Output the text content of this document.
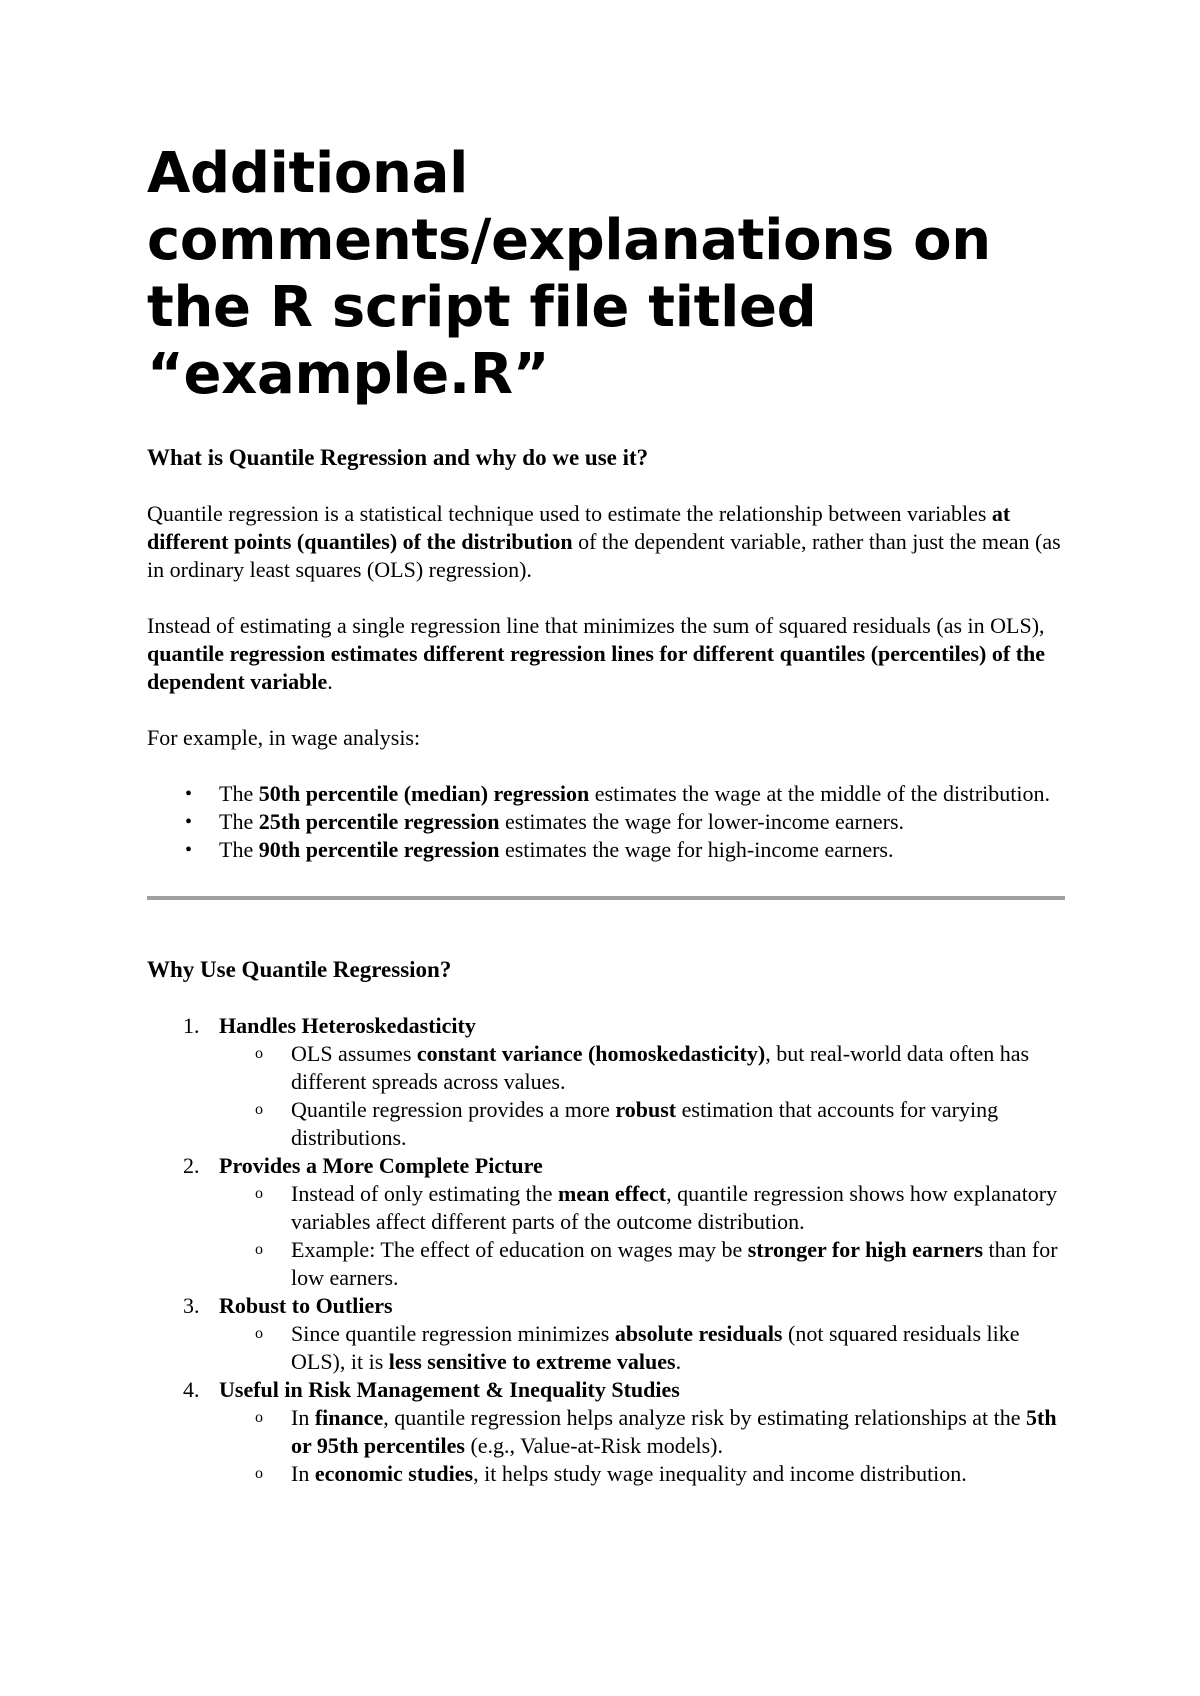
Additional comments/explanations on the R script file titled “example.R”
What is Quantile Regression and why do we use it?

Quantile regression is a statistical technique used to estimate the relationship between variables at different points (quantiles) of the distribution of the dependent variable, rather than just the mean (as in ordinary least squares (OLS) regression).

Instead of estimating a single regression line that minimizes the sum of squared residuals (as in OLS), quantile regression estimates different regression lines for different quantiles (percentiles) of the dependent variable.

For example, in wage analysis:

• The 50th percentile (median) regression estimates the wage at the middle of the distribution.
• The 25th percentile regression estimates the wage for lower-income earners.
• The 90th percentile regression estimates the wage for high-income earners.
Why Use Quantile Regression?
1. Handles Heteroskedasticity
o OLS assumes constant variance (homoskedasticity), but real-world data often has different spreads across values.
o Quantile regression provides a more robust estimation that accounts for varying distributions.
2. Provides a More Complete Picture
o Instead of only estimating the mean effect, quantile regression shows how explanatory variables affect different parts of the outcome distribution.
o Example: The effect of education on wages may be stronger for high earners than for low earners.
3. Robust to Outliers
o Since quantile regression minimizes absolute residuals (not squared residuals like OLS), it is less sensitive to extreme values.
4. Useful in Risk Management & Inequality Studies
o In finance, quantile regression helps analyze risk by estimating relationships at the 5th or 95th percentiles (e.g., Value-at-Risk models).
o In economic studies, it helps study wage inequality and income distribution.
